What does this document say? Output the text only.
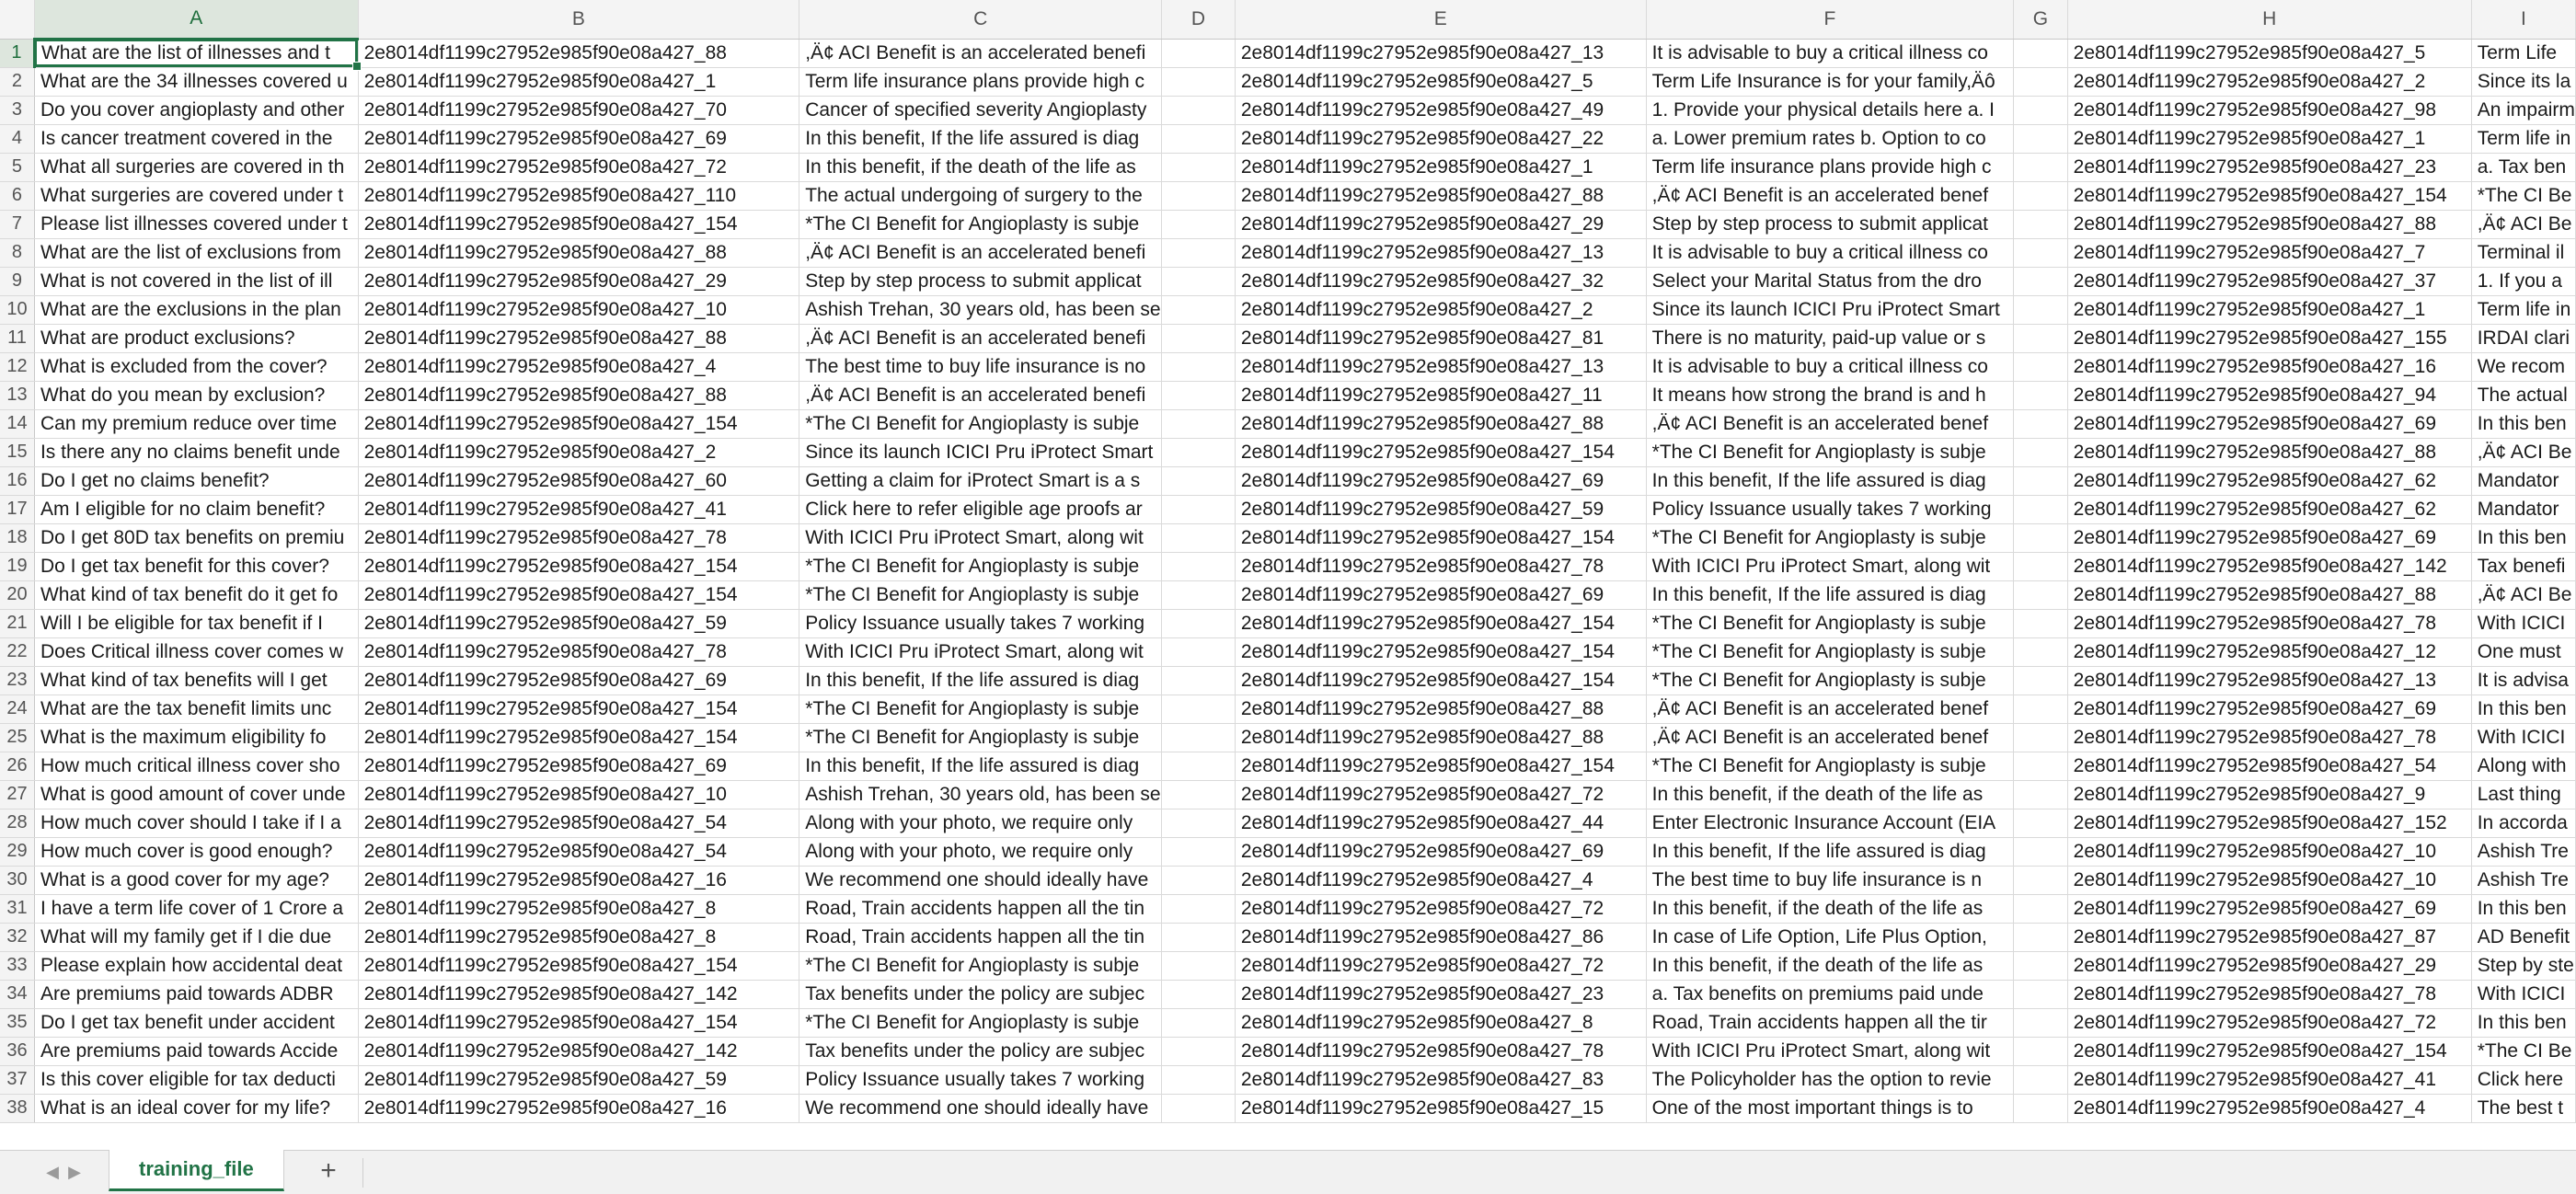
	A	B	C	D	E	F	G	H	I
1	What are the list of illnesses and t	2e8014df1199c27952e985f90e08a427_88	,Ä¢ ACI Benefit is an accelerated benefi		2e8014df1199c27952e985f90e08a427_13	It is advisable to buy a critical illness co		2e8014df1199c27952e985f90e08a427_5	Term Life
2	What are the 34 illnesses covered u	2e8014df1199c27952e985f90e08a427_1	Term life insurance plans provide high c		2e8014df1199c27952e985f90e08a427_5	Term Life Insurance is for your family,Äô		2e8014df1199c27952e985f90e08a427_2	Since its la
3	Do you cover angioplasty and other	2e8014df1199c27952e985f90e08a427_70	Cancer of specified severity Angioplasty		2e8014df1199c27952e985f90e08a427_49	1. Provide your physical details here a. I		2e8014df1199c27952e985f90e08a427_98	An impairm
4	Is cancer treatment covered in the	2e8014df1199c27952e985f90e08a427_69	In this benefit, If the life assured is diag		2e8014df1199c27952e985f90e08a427_22	a. Lower premium rates b. Option to co		2e8014df1199c27952e985f90e08a427_1	Term life in
5	What all surgeries are covered in th	2e8014df1199c27952e985f90e08a427_72	In this benefit, if the death of the life as		2e8014df1199c27952e985f90e08a427_1	Term life insurance plans provide high c		2e8014df1199c27952e985f90e08a427_23	a. Tax ben
6	What surgeries are covered under t	2e8014df1199c27952e985f90e08a427_110	The actual undergoing of surgery to the		2e8014df1199c27952e985f90e08a427_88	,Ä¢ ACI Benefit is an accelerated benef		2e8014df1199c27952e985f90e08a427_154	*The CI Be
7	Please list illnesses covered under t	2e8014df1199c27952e985f90e08a427_154	*The CI Benefit for Angioplasty is subje		2e8014df1199c27952e985f90e08a427_29	Step by step process to submit applicat		2e8014df1199c27952e985f90e08a427_88	,Ä¢ ACI Be
8	What are the list of exclusions from	2e8014df1199c27952e985f90e08a427_88	,Ä¢ ACI Benefit is an accelerated benefi		2e8014df1199c27952e985f90e08a427_13	It is advisable to buy a critical illness co		2e8014df1199c27952e985f90e08a427_7	Terminal il
9	What is not covered in the list of ill	2e8014df1199c27952e985f90e08a427_29	Step by step process to submit applicat		2e8014df1199c27952e985f90e08a427_32	Select your Marital Status from the dro		2e8014df1199c27952e985f90e08a427_37	1. If you a
10	What are the exclusions in the plan	2e8014df1199c27952e985f90e08a427_10	Ashish Trehan, 30 years old, has been se		2e8014df1199c27952e985f90e08a427_2	Since its launch ICICI Pru iProtect Smart		2e8014df1199c27952e985f90e08a427_1	Term life in
11	What are product exclusions?	2e8014df1199c27952e985f90e08a427_88	,Ä¢ ACI Benefit is an accelerated benefi		2e8014df1199c27952e985f90e08a427_81	There is no maturity, paid-up value or s		2e8014df1199c27952e985f90e08a427_155	IRDAI clari
12	What is excluded from the cover?	2e8014df1199c27952e985f90e08a427_4	The best time to buy life insurance is no		2e8014df1199c27952e985f90e08a427_13	It is advisable to buy a critical illness co		2e8014df1199c27952e985f90e08a427_16	We recom
13	What do you mean by exclusion?	2e8014df1199c27952e985f90e08a427_88	,Ä¢ ACI Benefit is an accelerated benefi		2e8014df1199c27952e985f90e08a427_11	It means how strong the brand is and h		2e8014df1199c27952e985f90e08a427_94	The actual
14	Can my premium reduce over time	2e8014df1199c27952e985f90e08a427_154	*The CI Benefit for Angioplasty is subje		2e8014df1199c27952e985f90e08a427_88	,Ä¢ ACI Benefit is an accelerated benef		2e8014df1199c27952e985f90e08a427_69	In this ben
15	Is there any no claims benefit unde	2e8014df1199c27952e985f90e08a427_2	Since its launch ICICI Pru iProtect Smart		2e8014df1199c27952e985f90e08a427_154	*The CI Benefit for Angioplasty is subje		2e8014df1199c27952e985f90e08a427_88	,Ä¢ ACI Be
16	Do I get no claims benefit?	2e8014df1199c27952e985f90e08a427_60	Getting a claim for iProtect Smart is a s		2e8014df1199c27952e985f90e08a427_69	In this benefit, If the life assured is diag		2e8014df1199c27952e985f90e08a427_62	Mandator
17	Am I eligible for no claim benefit?	2e8014df1199c27952e985f90e08a427_41	Click here to refer eligible age proofs ar		2e8014df1199c27952e985f90e08a427_59	Policy Issuance usually takes 7 working		2e8014df1199c27952e985f90e08a427_62	Mandator
18	Do I get 80D tax benefits on premiu	2e8014df1199c27952e985f90e08a427_78	With ICICI Pru iProtect Smart, along wit		2e8014df1199c27952e985f90e08a427_154	*The CI Benefit for Angioplasty is subje		2e8014df1199c27952e985f90e08a427_69	In this ben
19	Do I get tax benefit for this cover?	2e8014df1199c27952e985f90e08a427_154	*The CI Benefit for Angioplasty is subje		2e8014df1199c27952e985f90e08a427_78	With ICICI Pru iProtect Smart, along wit		2e8014df1199c27952e985f90e08a427_142	Tax benefi
20	What kind of tax benefit do it get fo	2e8014df1199c27952e985f90e08a427_154	*The CI Benefit for Angioplasty is subje		2e8014df1199c27952e985f90e08a427_69	In this benefit, If the life assured is diag		2e8014df1199c27952e985f90e08a427_88	,Ä¢ ACI Be
21	Will I be eligible for tax benefit if I	2e8014df1199c27952e985f90e08a427_59	Policy Issuance usually takes 7 working		2e8014df1199c27952e985f90e08a427_154	*The CI Benefit for Angioplasty is subje		2e8014df1199c27952e985f90e08a427_78	With ICICI
22	Does Critical illness cover comes w	2e8014df1199c27952e985f90e08a427_78	With ICICI Pru iProtect Smart, along wit		2e8014df1199c27952e985f90e08a427_154	*The CI Benefit for Angioplasty is subje		2e8014df1199c27952e985f90e08a427_12	One must
23	What kind of tax benefits will I get	2e8014df1199c27952e985f90e08a427_69	In this benefit, If the life assured is diag		2e8014df1199c27952e985f90e08a427_154	*The CI Benefit for Angioplasty is subje		2e8014df1199c27952e985f90e08a427_13	It is advisa
24	What are the tax benefit limits unc	2e8014df1199c27952e985f90e08a427_154	*The CI Benefit for Angioplasty is subje		2e8014df1199c27952e985f90e08a427_88	,Ä¢ ACI Benefit is an accelerated benef		2e8014df1199c27952e985f90e08a427_69	In this ben
25	What is the maximum eligibility fo	2e8014df1199c27952e985f90e08a427_154	*The CI Benefit for Angioplasty is subje		2e8014df1199c27952e985f90e08a427_88	,Ä¢ ACI Benefit is an accelerated benef		2e8014df1199c27952e985f90e08a427_78	With ICICI
26	How much critical illness cover sho	2e8014df1199c27952e985f90e08a427_69	In this benefit, If the life assured is diag		2e8014df1199c27952e985f90e08a427_154	*The CI Benefit for Angioplasty is subje		2e8014df1199c27952e985f90e08a427_54	Along with
27	What is good amount of cover unde	2e8014df1199c27952e985f90e08a427_10	Ashish Trehan, 30 years old, has been se		2e8014df1199c27952e985f90e08a427_72	In this benefit, if the death of the life as		2e8014df1199c27952e985f90e08a427_9	Last thing
28	How much cover should I take if I a	2e8014df1199c27952e985f90e08a427_54	Along with your photo, we require only		2e8014df1199c27952e985f90e08a427_44	Enter Electronic Insurance Account (EIA		2e8014df1199c27952e985f90e08a427_152	In accorda
29	How much cover is good enough?	2e8014df1199c27952e985f90e08a427_54	Along with your photo, we require only		2e8014df1199c27952e985f90e08a427_69	In this benefit, If the life assured is diag		2e8014df1199c27952e985f90e08a427_10	Ashish Tre
30	What is a good cover for my age?	2e8014df1199c27952e985f90e08a427_16	We recommend one should ideally have		2e8014df1199c27952e985f90e08a427_4	The best time to buy life insurance is n		2e8014df1199c27952e985f90e08a427_10	Ashish Tre
31	I have a term life cover of 1 Crore a	2e8014df1199c27952e985f90e08a427_8	Road, Train accidents happen all the tin		2e8014df1199c27952e985f90e08a427_72	In this benefit, if the death of the life as		2e8014df1199c27952e985f90e08a427_69	In this ben
32	What will my family get if I die due	2e8014df1199c27952e985f90e08a427_8	Road, Train accidents happen all the tin		2e8014df1199c27952e985f90e08a427_86	In case of Life Option, Life Plus Option,		2e8014df1199c27952e985f90e08a427_87	AD Benefit
33	Please explain how accidental deat	2e8014df1199c27952e985f90e08a427_154	*The CI Benefit for Angioplasty is subje		2e8014df1199c27952e985f90e08a427_72	In this benefit, if the death of the life as		2e8014df1199c27952e985f90e08a427_29	Step by ste
34	Are premiums paid towards ADBR	2e8014df1199c27952e985f90e08a427_142	Tax benefits under the policy are subjec		2e8014df1199c27952e985f90e08a427_23	a. Tax benefits on premiums paid unde		2e8014df1199c27952e985f90e08a427_78	With ICICI
35	Do I get tax benefit under accident	2e8014df1199c27952e985f90e08a427_154	*The CI Benefit for Angioplasty is subje		2e8014df1199c27952e985f90e08a427_8	Road, Train accidents happen all the tir		2e8014df1199c27952e985f90e08a427_72	In this ben
36	Are premiums paid towards Accide	2e8014df1199c27952e985f90e08a427_142	Tax benefits under the policy are subjec		2e8014df1199c27952e985f90e08a427_78	With ICICI Pru iProtect Smart, along wit		2e8014df1199c27952e985f90e08a427_154	*The CI Be
37	Is this cover eligible for tax deducti	2e8014df1199c27952e985f90e08a427_59	Policy Issuance usually takes 7 working		2e8014df1199c27952e985f90e08a427_83	The Policyholder has the option to revie		2e8014df1199c27952e985f90e08a427_41	Click here
38	What is an ideal cover for my life?	2e8014df1199c27952e985f90e08a427_16	We recommend one should ideally have		2e8014df1199c27952e985f90e08a427_15	One of the most important things is to		2e8014df1199c27952e985f90e08a427_4	The best t
◀ ▶	training_file	+
